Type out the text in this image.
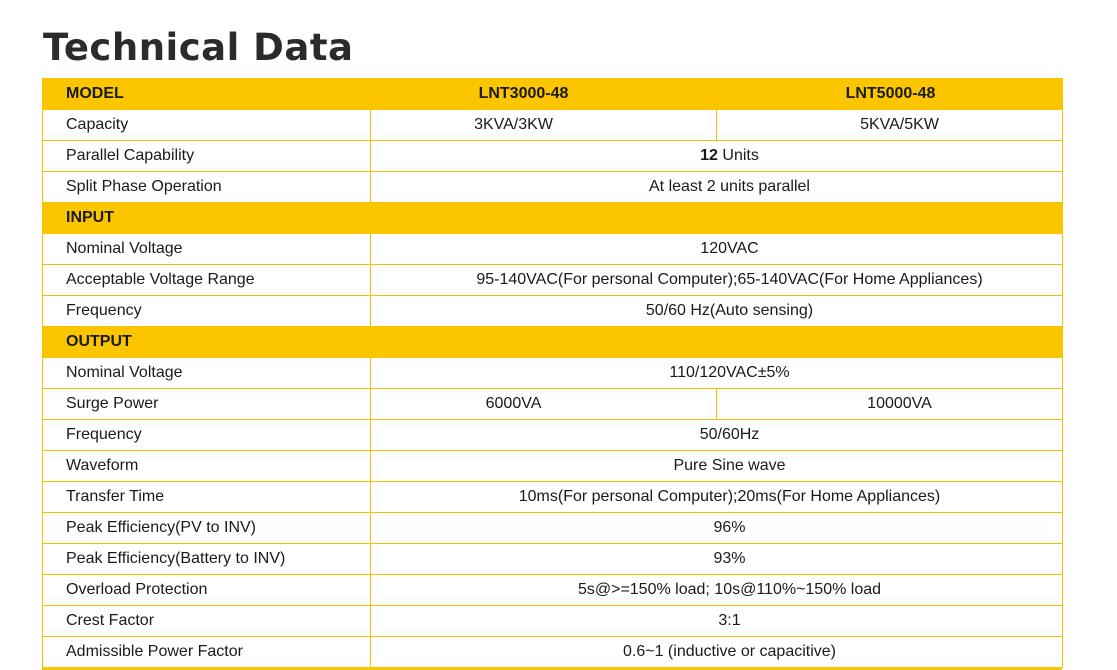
Technical Data
MODEL	LNT3000-48	LNT5000-48
Capacity	3KVA/3KW	5KVA/5KW
Parallel Capability	12 Units	
Split Phase Operation	At least 2 units parallel	
INPUT		
Nominal Voltage	120VAC	
Acceptable Voltage Range	95-140VAC(For personal Computer);65-140VAC(For Home Appliances)	
Frequency	50/60 Hz(Auto sensing)	
OUTPUT		
Nominal Voltage	110/120VAC±5%	
Surge Power	6000VA	10000VA
Frequency	50/60Hz	
Waveform	Pure Sine wave	
Transfer Time	10ms(For personal Computer);20ms(For Home Appliances)	
Peak Efficiency(PV to INV)	96%	
Peak Efficiency(Battery to INV)	93%	
Overload Protection	5s@>=150% load; 10s@110%~150% load	
Crest Factor	3:1	
Admissible Power Factor	0.6~1 (inductive or capacitive)	
